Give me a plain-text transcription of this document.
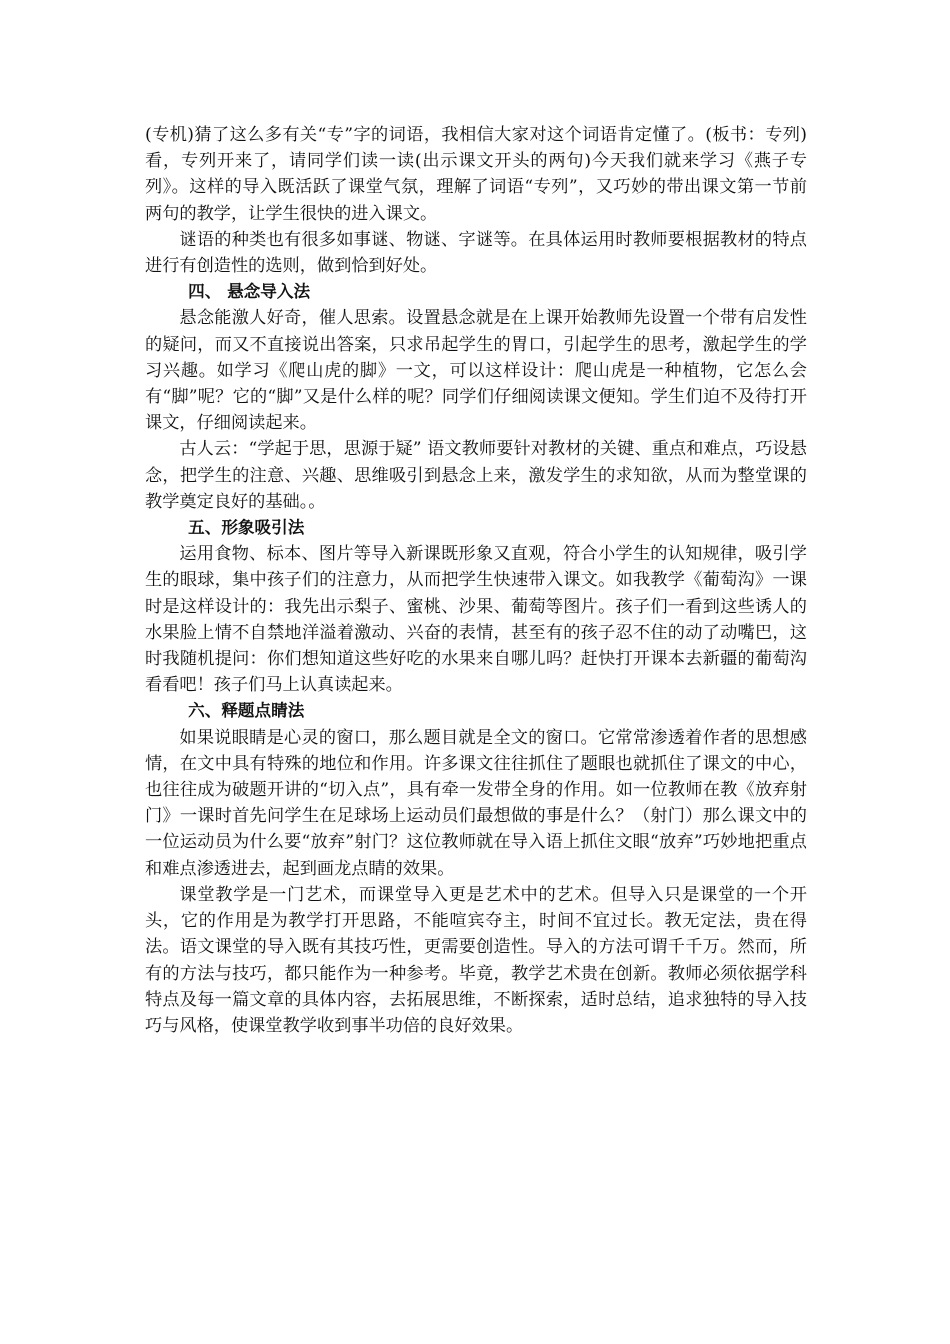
(专机)猜了这么多有关“专”字的词语，我相信大家对这个词语肯定懂了。(板书：专列)看，专列开来了，请同学们读一读(出示课文开头的两句)今天我们就来学习《燕子专列》。这样的导入既活跃了课堂气氛，理解了词语“专列”，又巧妙的带出课文第一节前两句的教学，让学生很快的进入课文。

谜语的种类也有很多如事谜、物谜、字谜等。在具体运用时教师要根据教材的特点进行有创造性的选则，做到恰到好处。

四、 悬念导入法

悬念能激人好奇，催人思索。设置悬念就是在上课开始教师先设置一个带有启发性的疑问，而又不直接说出答案，只求吊起学生的胃口，引起学生的思考，激起学生的学习兴趣。如学习《爬山虎的脚》一文，可以这样设计：爬山虎是一种植物，它怎么会有“脚”呢？它的“脚”又是什么样的呢？同学们仔细阅读课文便知。学生们迫不及待打开课文，仔细阅读起来。

古人云：“学起于思，思源于疑” 语文教师要针对教材的关键、重点和难点，巧设悬念，把学生的注意、兴趣、思维吸引到悬念上来，激发学生的求知欲，从而为整堂课的教学奠定良好的基础。。

五、形象吸引法

运用食物、标本、图片等导入新课既形象又直观，符合小学生的认知规律，吸引学生的眼球，集中孩子们的注意力，从而把学生快速带入课文。如我教学《葡萄沟》一课时是这样设计的：我先出示梨子、蜜桃、沙果、葡萄等图片。孩子们一看到这些诱人的水果脸上情不自禁地洋溢着激动、兴奋的表情，甚至有的孩子忍不住的动了动嘴巴，这时我随机提问：你们想知道这些好吃的水果来自哪儿吗？赶快打开课本去新疆的葡萄沟看看吧！孩子们马上认真读起来。

六、释题点睛法

如果说眼睛是心灵的窗口，那么题目就是全文的窗口。它常常渗透着作者的思想感情，在文中具有特殊的地位和作用。许多课文往往抓住了题眼也就抓住了课文的中心，也往往成为破题开讲的“切入点”，具有牵一发带全身的作用。如一位教师在教《放弃射门》一课时首先问学生在足球场上运动员们最想做的事是什么？（射门）那么课文中的一位运动员为什么要“放弃”射门？这位教师就在导入语上抓住文眼“放弃”巧妙地把重点和难点渗透进去，起到画龙点睛的效果。

课堂教学是一门艺术，而课堂导入更是艺术中的艺术。但导入只是课堂的一个开头，它的作用是为教学打开思路，不能喧宾夺主，时间不宜过长。教无定法，贵在得法。语文课堂的导入既有其技巧性，更需要创造性。导入的方法可谓千千万。然而，所有的方法与技巧，都只能作为一种参考。毕竟，教学艺术贵在创新。教师必须依据学科特点及每一篇文章的具体内容，去拓展思维，不断探索，适时总结，追求独特的导入技巧与风格，使课堂教学收到事半功倍的良好效果。
